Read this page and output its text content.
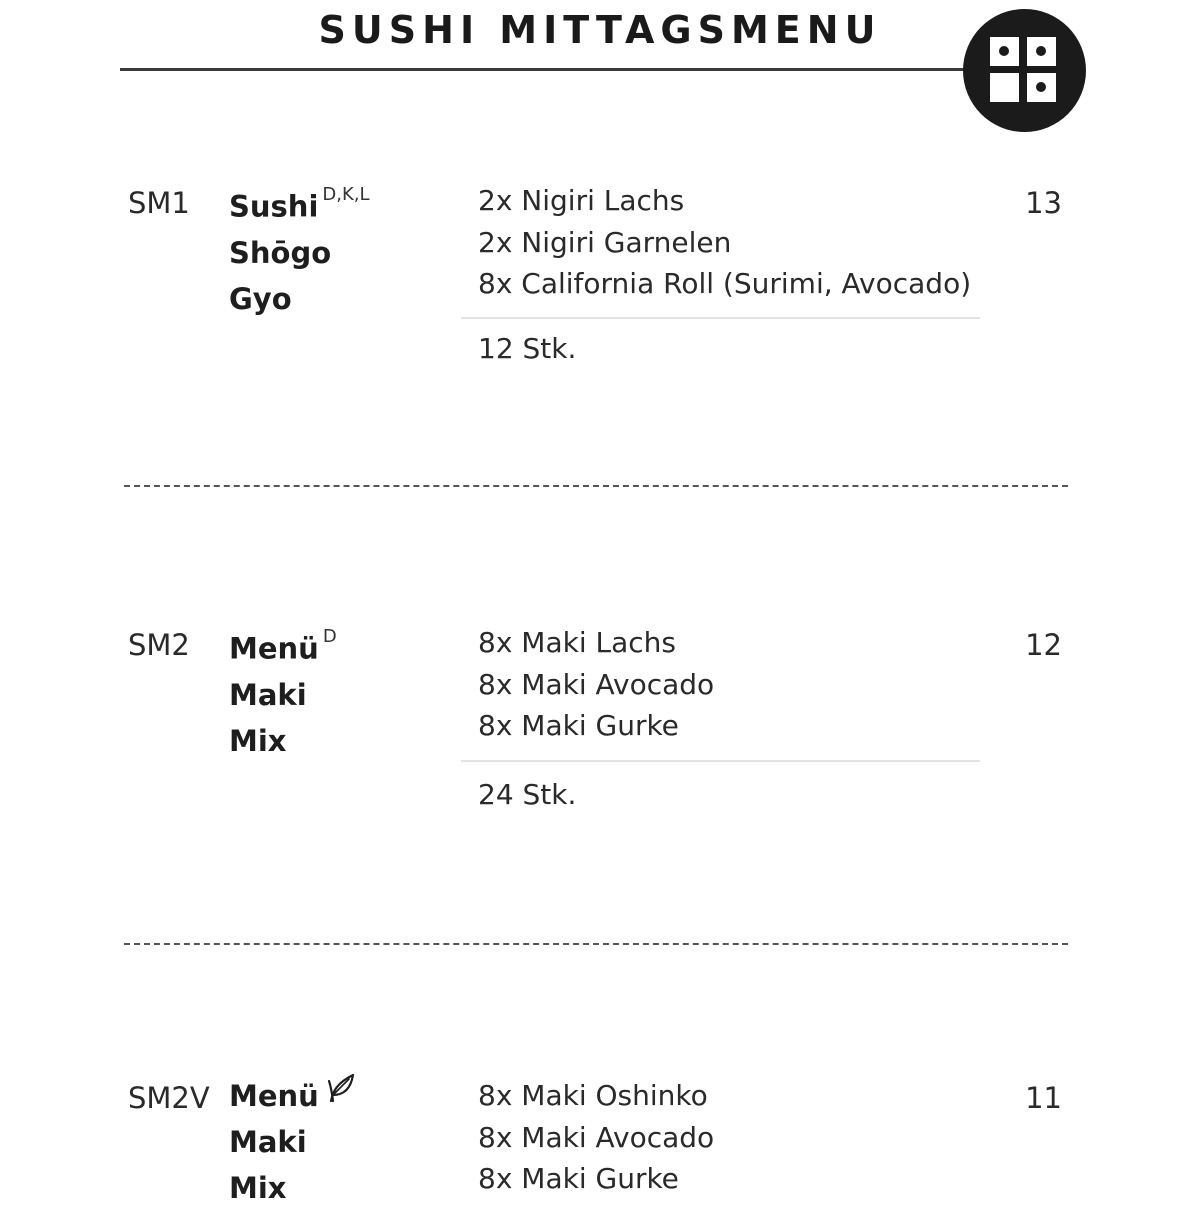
SUSHI MITTAGSMENU
SM1 Sushi $^{D,K,L}$
Shōgo
Gyo
2x Nigiri Lachs
2x Nigiri Garnelen
8x California Roll (Surimi, Avocado)
12 Stk.
13
SM2 Menü $^D$
Maki
Mix
8x Maki Lachs
8x Maki Avocado
8x Maki Gurke
24 Stk.
12
SM2V Menü
Maki
Mix
8x Maki Oshinko
8x Maki Avocado
8x Maki Gurke
11
